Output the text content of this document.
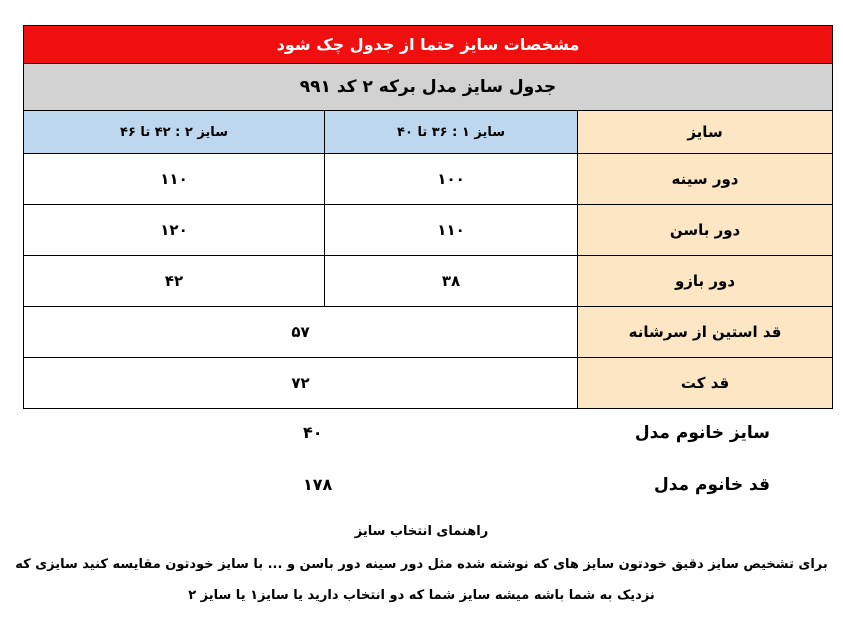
مشخصات سایز حتما از جدول چک شود		
جدول سایز مدل برکه ۲ کد ۹۹۱		
سایز	سایز ۱ : ۳۶ تا ۴۰	سایز ۲ : ۴۲ تا ۴۶
دور سینه	۱۰۰	۱۱۰
دور باسن	۱۱۰	۱۲۰
دور بازو	۳۸	۴۲
قد استین از سرشانه	۵۷	
قد کت	۷۲	
سایز خانوم مدل
۴۰
قد خانوم مدل
۱۷۸
راهنمای انتخاب سایز
برای تشخیص سایز دقیق خودتون سایز های که نوشته شده مثل دور سینه دور باسن و ... با سایز خودتون مقایسه کنید سایزی که
نزدیک به شما باشه میشه سایز شما که دو انتخاب دارید یا سایز۱ یا سایز ۲
